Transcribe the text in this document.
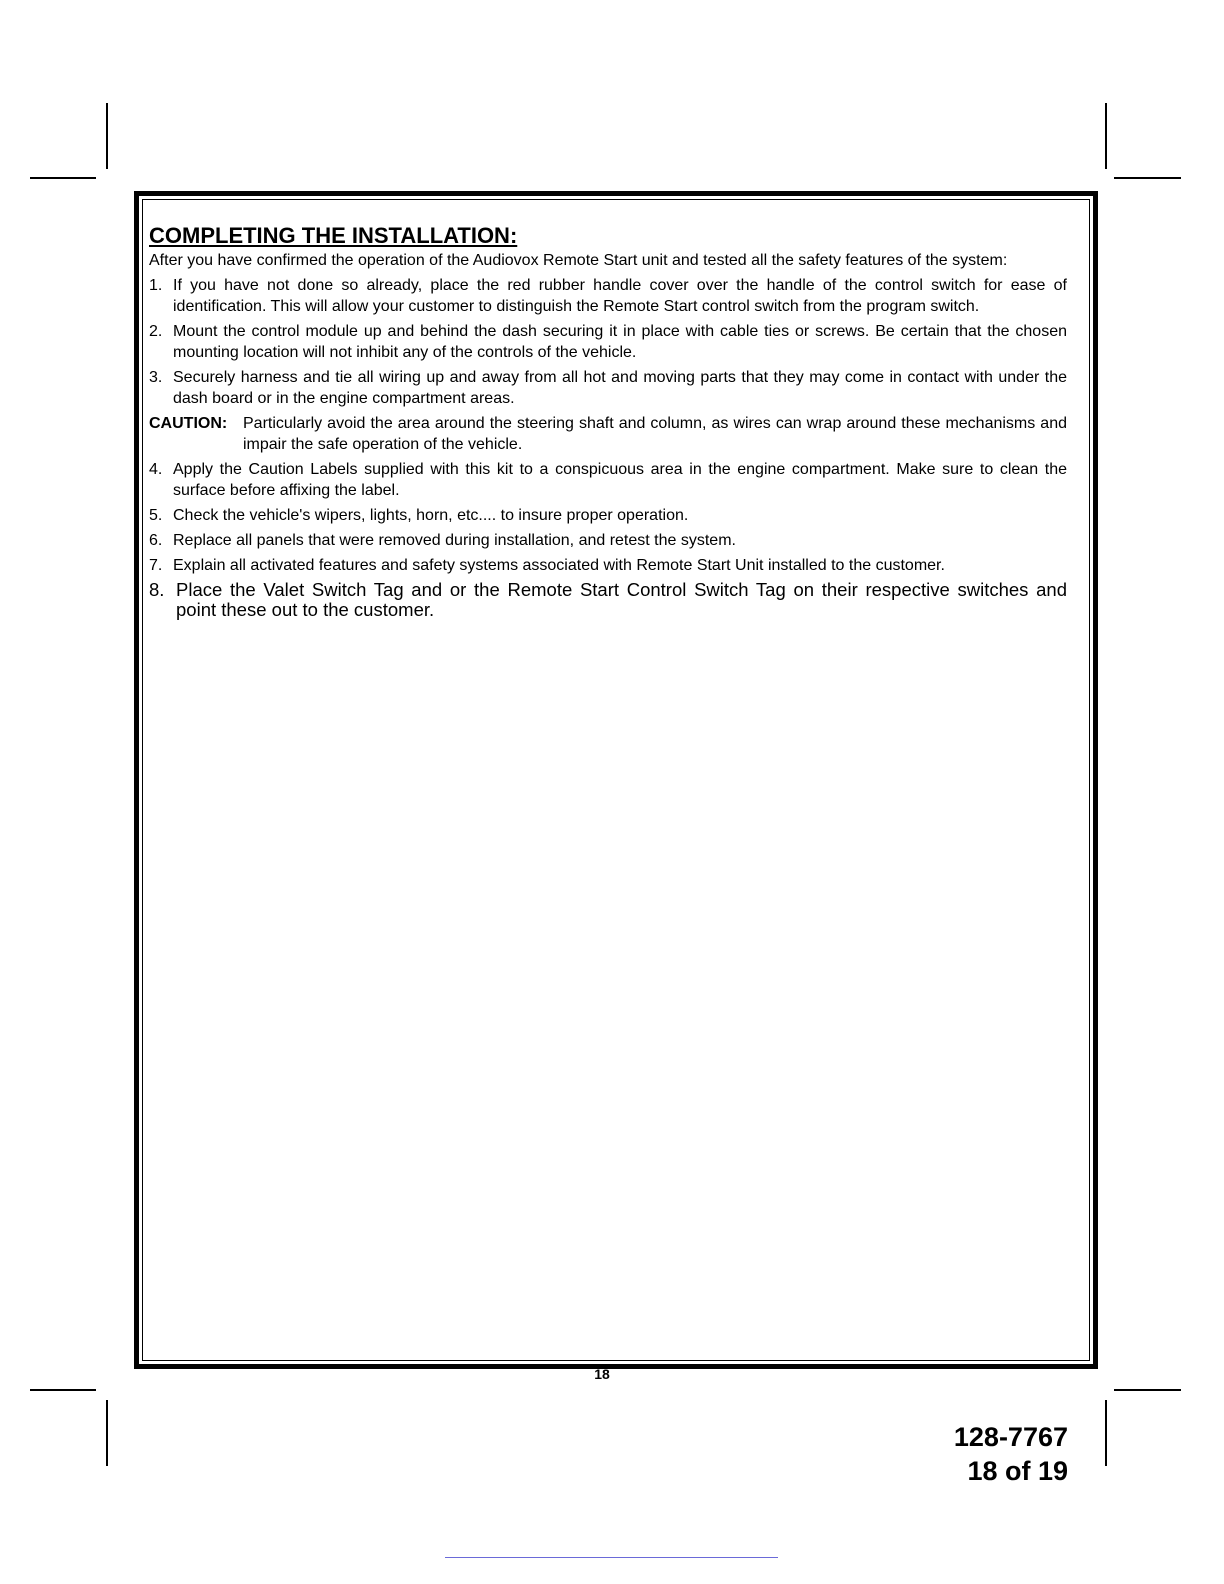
COMPLETING THE INSTALLATION:
After you have confirmed the operation of the Audiovox Remote Start unit and tested all the safety features of the system:
1. If you have not done so already, place the red rubber handle cover over the handle of the control switch for ease of identification. This will allow your customer to distinguish the Remote Start control switch from the program switch.
2. Mount the control module up and behind the dash securing it in place with cable ties or screws. Be certain that the chosen mounting location will not inhibit any of the controls of the vehicle.
3. Securely harness and tie all wiring up and away from all hot and moving parts that they may come in contact with under the dash board or in the engine compartment areas.
CAUTION: Particularly avoid the area around the steering shaft and column, as wires can wrap around these mechanisms and impair the safe operation of the vehicle.
4. Apply the Caution Labels supplied with this kit to a conspicuous area in the engine compartment. Make sure to clean the surface before affixing the label.
5. Check the vehicle's wipers, lights, horn, etc.... to insure proper operation.
6. Replace all panels that were removed during installation, and retest the system.
7. Explain all activated features and safety systems associated with Remote Start Unit installed to the customer.
8. Place the Valet Switch Tag and or the Remote Start Control Switch Tag on their respective switches and point these out to the customer.
18
128-7767
18 of 19
